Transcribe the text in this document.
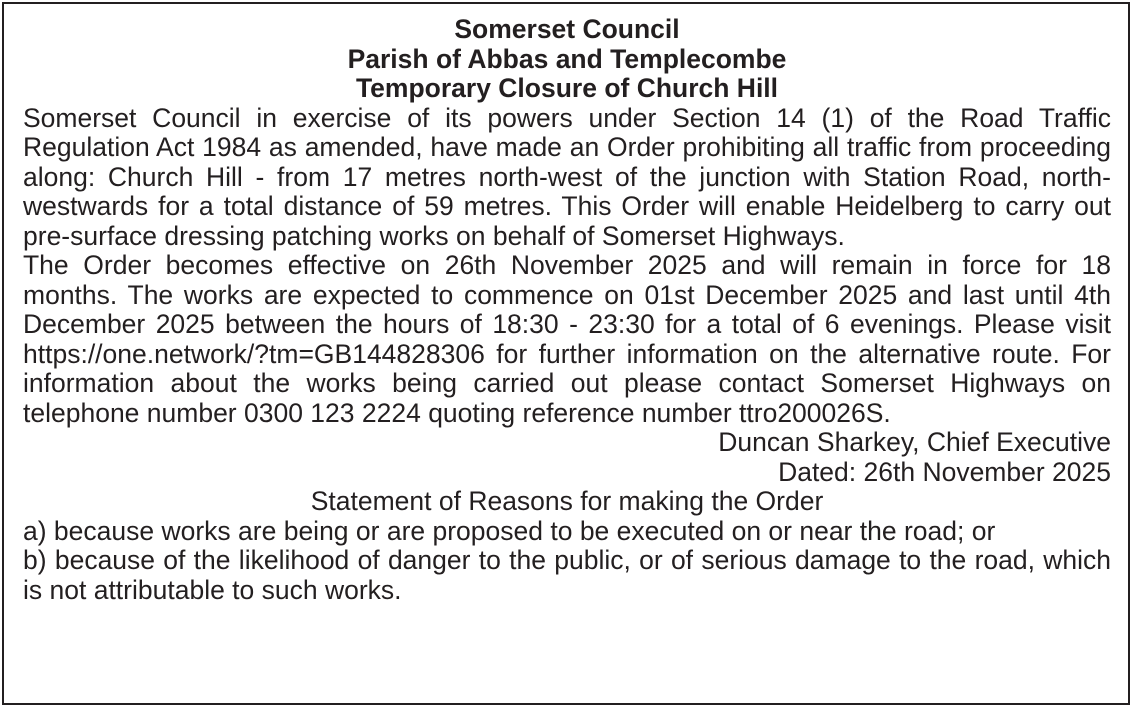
Somerset Council

Parish of Abbas and Templecombe

Temporary Closure of Church Hill

Somerset Council in exercise of its powers under Section 14 (1) of the Road Traffic Regulation Act 1984 as amended, have made an Order prohibiting all traffic from proceeding along: Church Hill - from 17 metres north-west of the junction with Station Road, north-westwards for a total distance of 59 metres. This Order will enable Heidelberg to carry out pre-surface dressing patching works on behalf of Somerset Highways.

The Order becomes effective on 26th November 2025 and will remain in force for 18 months. The works are expected to commence on 01st December 2025 and last until 4th December 2025 between the hours of 18:30 - 23:30 for a total of 6 evenings. Please visit https://one.network/?tm=GB144828306 for further information on the alternative route. For information about the works being carried out please contact Somerset Highways on telephone number 0300 123 2224 quoting reference number ttro200026S.

Duncan Sharkey, Chief Executive

Dated: 26th November 2025

Statement of Reasons for making the Order

a) because works are being or are proposed to be executed on or near the road; or

b) because of the likelihood of danger to the public, or of serious damage to the road, which is not attributable to such works.
